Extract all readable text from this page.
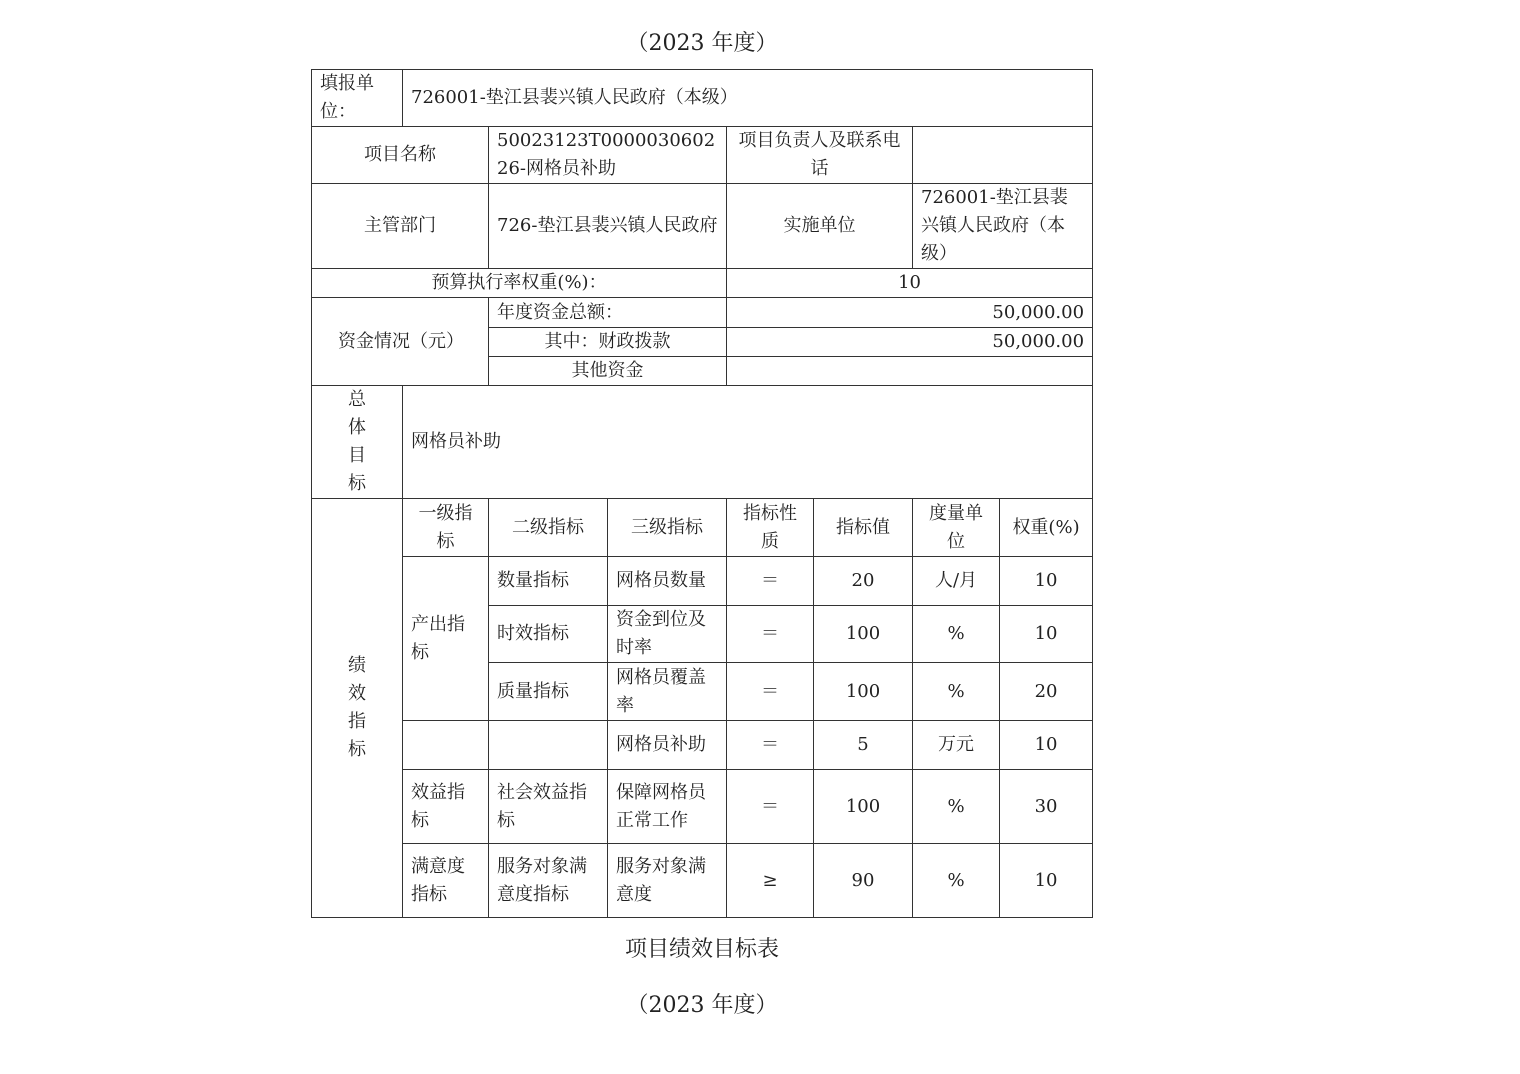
（2023 年度）
填报单位：	726001-垫江县裴兴镇人民政府（本级）						
项目名称		50023123T000003060226-网格员补助		项目负责人及联系电话			
主管部门		726-垫江县裴兴镇人民政府		实施单位		726001-垫江县裴兴镇人民政府（本级）	
预算执行率权重(%)：				10			
资金情况（元）		年度资金总额：		50,000.00			
		其中：财政拨款		50,000.00			
		其他资金					

总
体
目
标	网格员补助						

绩
效
指
标	一级指标	二级指标	三级指标	指标性质	指标值	度量单位	权重(%)
	产出指标	数量指标	网格员数量	＝	20	人/月	10
		时效指标	资金到位及时率	＝	100	%	10
		质量指标	网格员覆盖率	＝	100	%	20
			网格员补助	＝	5	万元	10
	效益指标	社会效益指标	保障网格员正常工作	＝	100	%	30
	满意度指标	服务对象满意度指标	服务对象满意度	≥	90	%	10
项目绩效目标表
（2023 年度）
